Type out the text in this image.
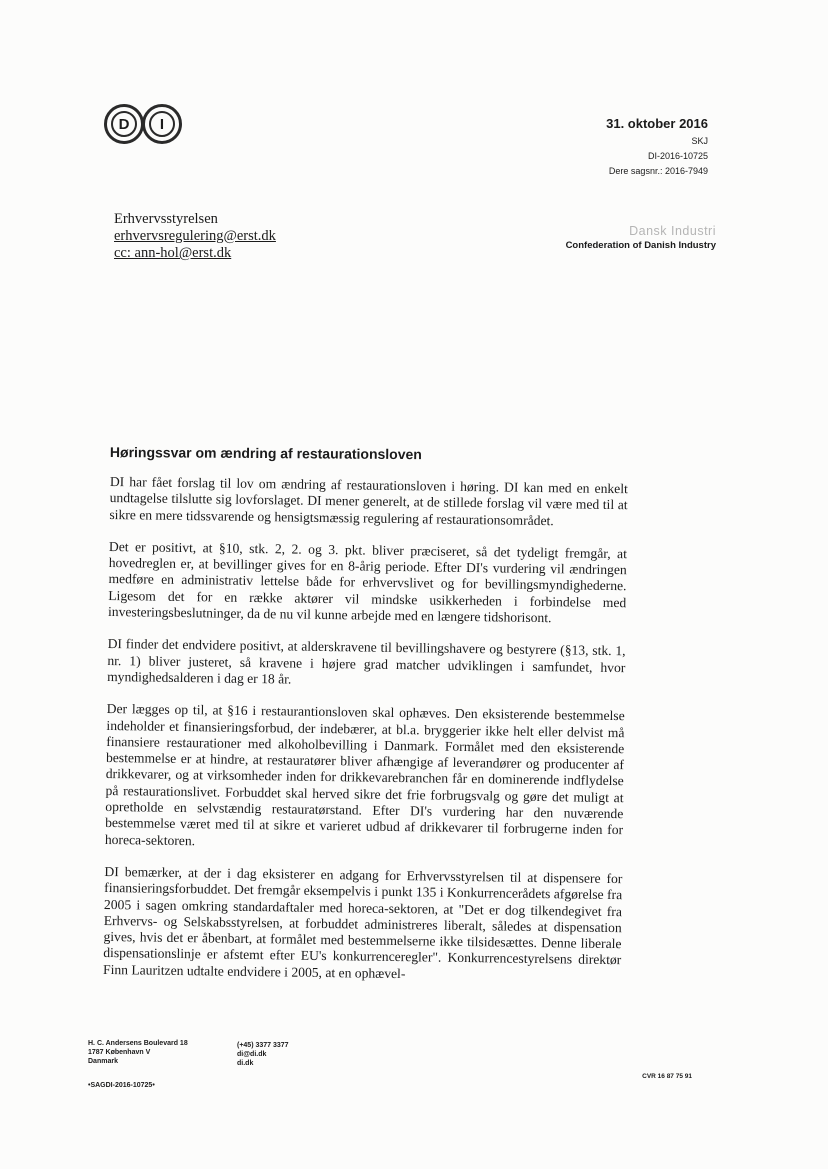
D	I	31. oktober 2016
SKJ
DI-2016-10725
Dere sagsnr.: 2016-7949
Erhvervsstyrelsen
erhvervsregulering@erst.dk
cc: ann-hol@erst.dk
Dansk Industri
Confederation of Danish Industry
Høringssvar om ændring af restaurationsloven

DI har fået forslag til lov om ændring af restaurationsloven i høring. DI kan med en enkelt undtagelse tilslutte sig lovforslaget. DI mener generelt, at de stillede forslag vil være med til at sikre en mere tidssvarende og hensigtsmæssig regulering af restaurationsområdet.

Det er positivt, at §10, stk. 2, 2. og 3. pkt. bliver præciseret, så det tydeligt fremgår, at hovedreglen er, at bevillinger gives for en 8-årig periode. Efter DI's vurdering vil ændringen medføre en administrativ lettelse både for erhvervslivet og for bevillingsmyndighederne. Ligesom det for en række aktører vil mindske usikkerheden i forbindelse med investeringsbeslutninger, da de nu vil kunne arbejde med en længere tidshorisont.

DI finder det endvidere positivt, at alderskravene til bevillingshavere og bestyrere (§13, stk. 1, nr. 1) bliver justeret, så kravene i højere grad matcher udviklingen i samfundet, hvor myndighedsalderen i dag er 18 år.

Der lægges op til, at §16 i restaurantionsloven skal ophæves. Den eksisterende bestemmelse indeholder et finansieringsforbud, der indebærer, at bl.a. bryggerier ikke helt eller delvist må finansiere restaurationer med alkoholbevilling i Danmark. Formålet med den eksisterende bestemmelse er at hindre, at restauratører bliver afhængige af leverandører og producenter af drikkevarer, og at virksomheder inden for drikkevarebranchen får en dominerende indflydelse på restaurationslivet. Forbuddet skal herved sikre det frie forbrugsvalg og gøre det muligt at opretholde en selvstændig restauratørstand. Efter DI's vurdering har den nuværende bestemmelse været med til at sikre et varieret udbud af drikkevarer til forbrugerne inden for horeca-sektoren.

DI bemærker, at der i dag eksisterer en adgang for Erhvervsstyrelsen til at dispensere for finansieringsforbuddet. Det fremgår eksempelvis i punkt 135 i Konkurrencerådets afgørelse fra 2005 i sagen omkring standardaftaler med horeca-sektoren, at "Det er dog tilkendegivet fra Erhvervs- og Selskabsstyrelsen, at forbuddet administreres liberalt, således at dispensation gives, hvis det er åbenbart, at formålet med bestemmelserne ikke tilsidesættes. Denne liberale dispensationslinje er afstemt efter EU's konkurrenceregler". Konkurrencestyrelsens direktør Finn Lauritzen udtalte endvidere i 2005, at en ophævel-

H. C. Andersens Boulevard 18
1787 København V
Danmark
(+45) 3377 3377
di@di.dk
di.dk
•SAGDI-2016-10725•
CVR 16 87 75 91
